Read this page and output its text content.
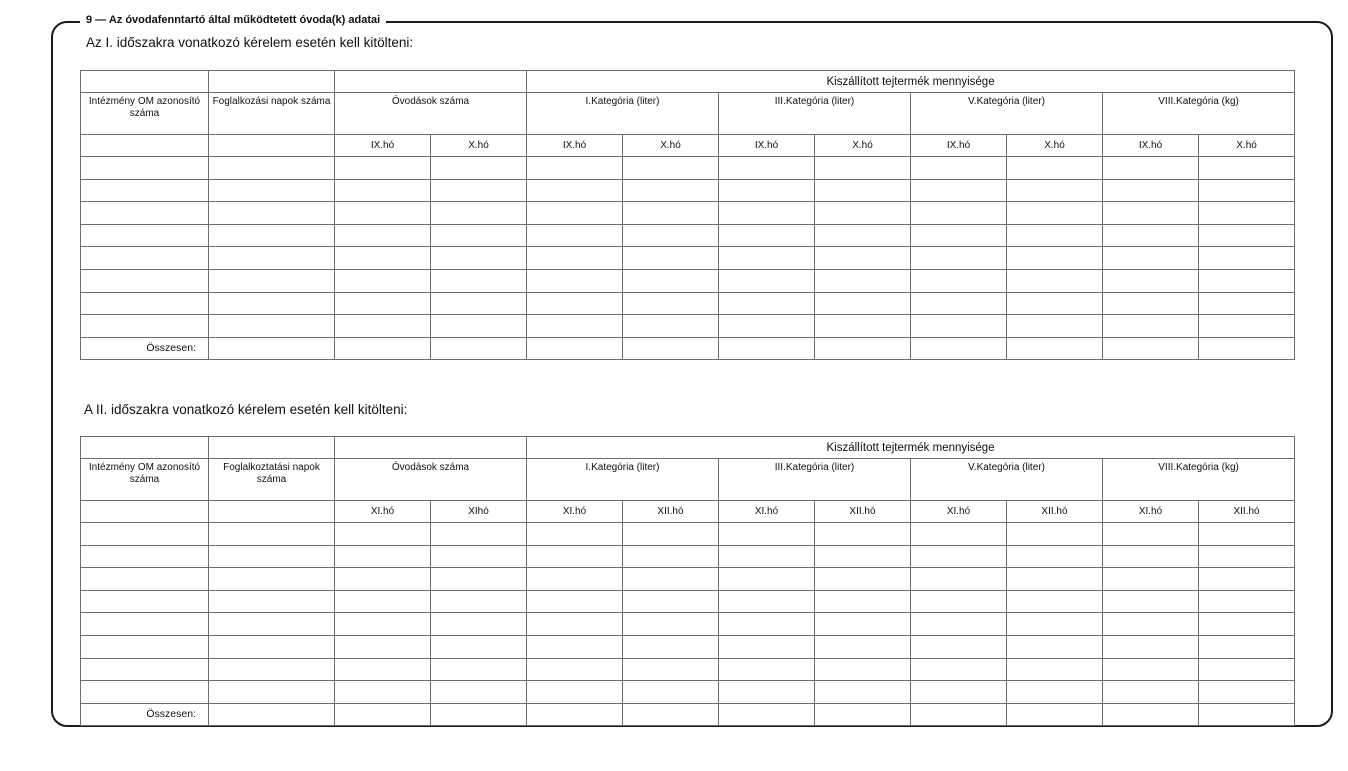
9 — Az óvodafenntartó által működtetett óvoda(k) adatai
Az I. időszakra vonatkozó kérelem esetén kell kitölteni:
				Kiszállított tejtermék mennyisége							
Intézmény OM azonosító száma	Foglalkozási napok száma	Óvodások száma		I.Kategória (liter)		III.Kategória (liter)		V.Kategória (liter)		VIII.Kategória (kg)	
		IX.hó	X.hó	IX.hó	X.hó	IX.hó	X.hó	IX.hó	X.hó	IX.hó	X.hó

Összesen:											
A II. időszakra vonatkozó kérelem esetén kell kitölteni:
				Kiszállított tejtermék mennyisége							
Intézmény OM azonosító száma	Foglalkoztatási napok száma	Óvodások száma		I.Kategória (liter)		III.Kategória (liter)		V.Kategória (liter)		VIII.Kategória (kg)	
		XI.hó	XIhó	XI.hó	XII.hó	XI.hó	XII.hó	XI.hó	XII.hó	XI.hó	XII.hó

Összesen:											
